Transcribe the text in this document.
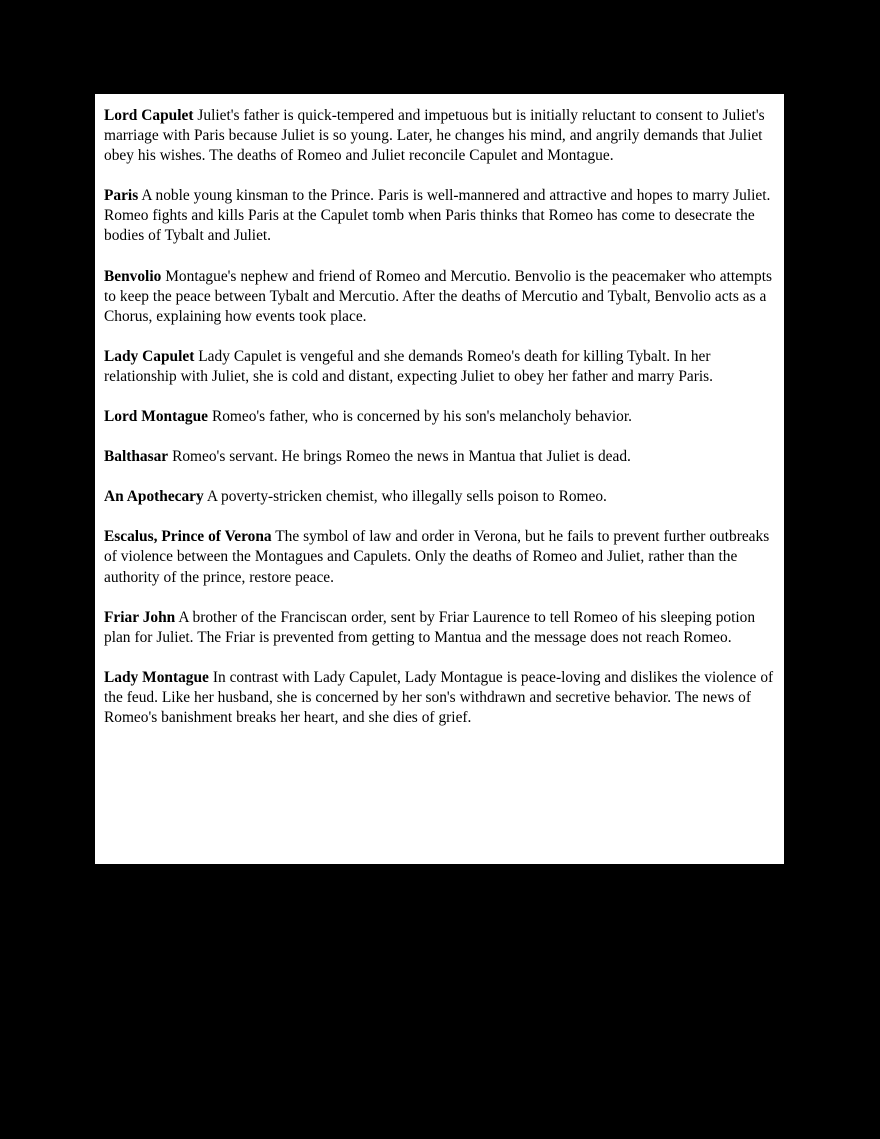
Lord Capulet Juliet's father is quick-tempered and impetuous but is initially reluctant to consent to Juliet's marriage with Paris because Juliet is so young. Later, he changes his mind, and angrily demands that Juliet obey his wishes. The deaths of Romeo and Juliet reconcile Capulet and Montague.

Paris A noble young kinsman to the Prince. Paris is well-mannered and attractive and hopes to marry Juliet. Romeo fights and kills Paris at the Capulet tomb when Paris thinks that Romeo has come to desecrate the bodies of Tybalt and Juliet.

Benvolio Montague's nephew and friend of Romeo and Mercutio. Benvolio is the peacemaker who attempts to keep the peace between Tybalt and Mercutio. After the deaths of Mercutio and Tybalt, Benvolio acts as a Chorus, explaining how events took place.

Lady Capulet Lady Capulet is vengeful and she demands Romeo's death for killing Tybalt. In her relationship with Juliet, she is cold and distant, expecting Juliet to obey her father and marry Paris.

Lord Montague Romeo's father, who is concerned by his son's melancholy behavior.

Balthasar Romeo's servant. He brings Romeo the news in Mantua that Juliet is dead.

An Apothecary A poverty-stricken chemist, who illegally sells poison to Romeo.

Escalus, Prince of Verona The symbol of law and order in Verona, but he fails to prevent further outbreaks of violence between the Montagues and Capulets. Only the deaths of Romeo and Juliet, rather than the authority of the prince, restore peace.

Friar John A brother of the Franciscan order, sent by Friar Laurence to tell Romeo of his sleeping potion plan for Juliet. The Friar is prevented from getting to Mantua and the message does not reach Romeo.

Lady Montague In contrast with Lady Capulet, Lady Montague is peace-loving and dislikes the violence of the feud. Like her husband, she is concerned by her son's withdrawn and secretive behavior. The news of Romeo's banishment breaks her heart, and she dies of grief.
